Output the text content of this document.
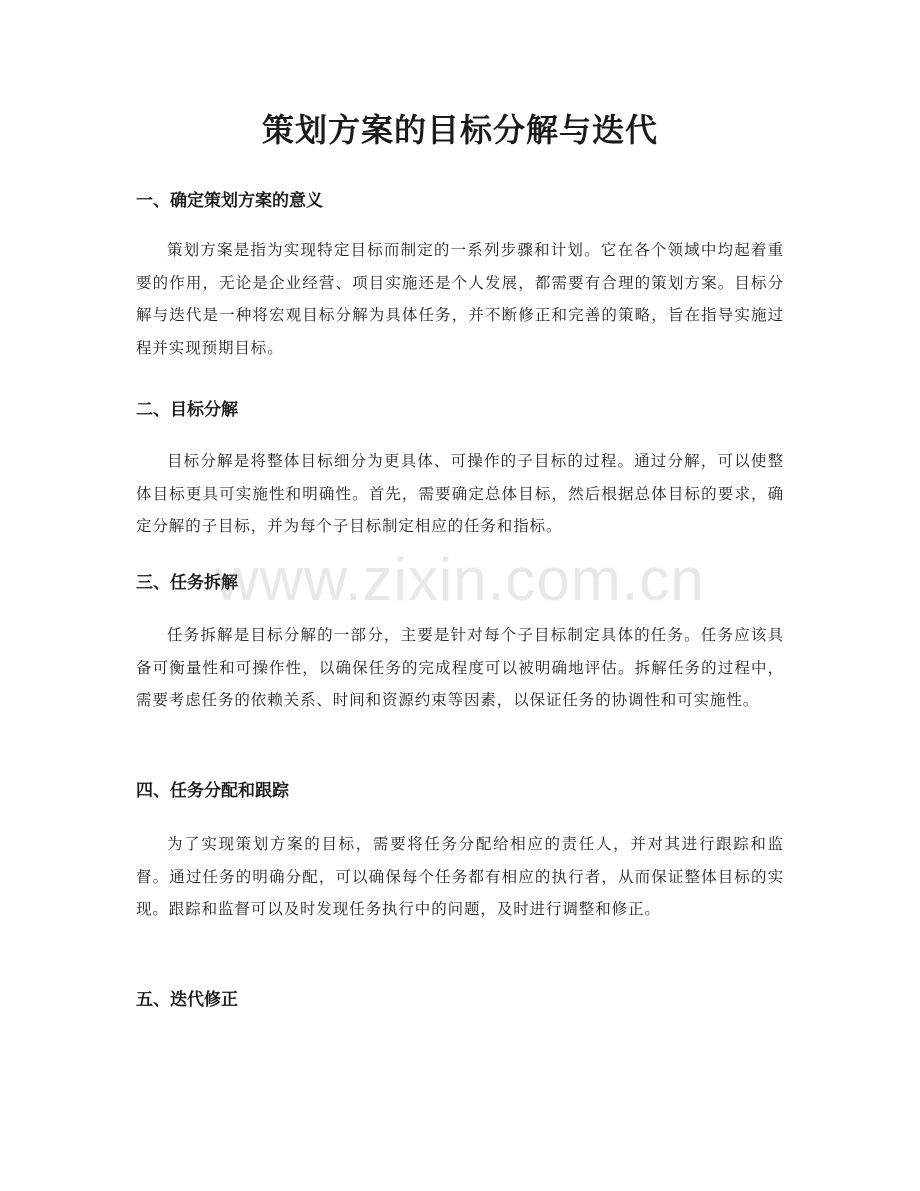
策划方案的目标分解与迭代
一、确定策划方案的意义

策划方案是指为实现特定目标而制定的一系列步骤和计划。它在各个领域中均起着重要的作用，无论是企业经营、项目实施还是个人发展，都需要有合理的策划方案。目标分解与迭代是一种将宏观目标分解为具体任务，并不断修正和完善的策略，旨在指导实施过程并实现预期目标。

二、目标分解

目标分解是将整体目标细分为更具体、可操作的子目标的过程。通过分解，可以使整体目标更具可实施性和明确性。首先，需要确定总体目标，然后根据总体目标的要求，确定分解的子目标，并为每个子目标制定相应的任务和指标。

三、任务拆解

任务拆解是目标分解的一部分，主要是针对每个子目标制定具体的任务。任务应该具备可衡量性和可操作性，以确保任务的完成程度可以被明确地评估。拆解任务的过程中，需要考虑任务的依赖关系、时间和资源约束等因素，以保证任务的协调性和可实施性。

四、任务分配和跟踪

为了实现策划方案的目标，需要将任务分配给相应的责任人，并对其进行跟踪和监督。通过任务的明确分配，可以确保每个任务都有相应的执行者，从而保证整体目标的实现。跟踪和监督可以及时发现任务执行中的问题，及时进行调整和修正。

五、迭代修正
www.zixin.com.cn
